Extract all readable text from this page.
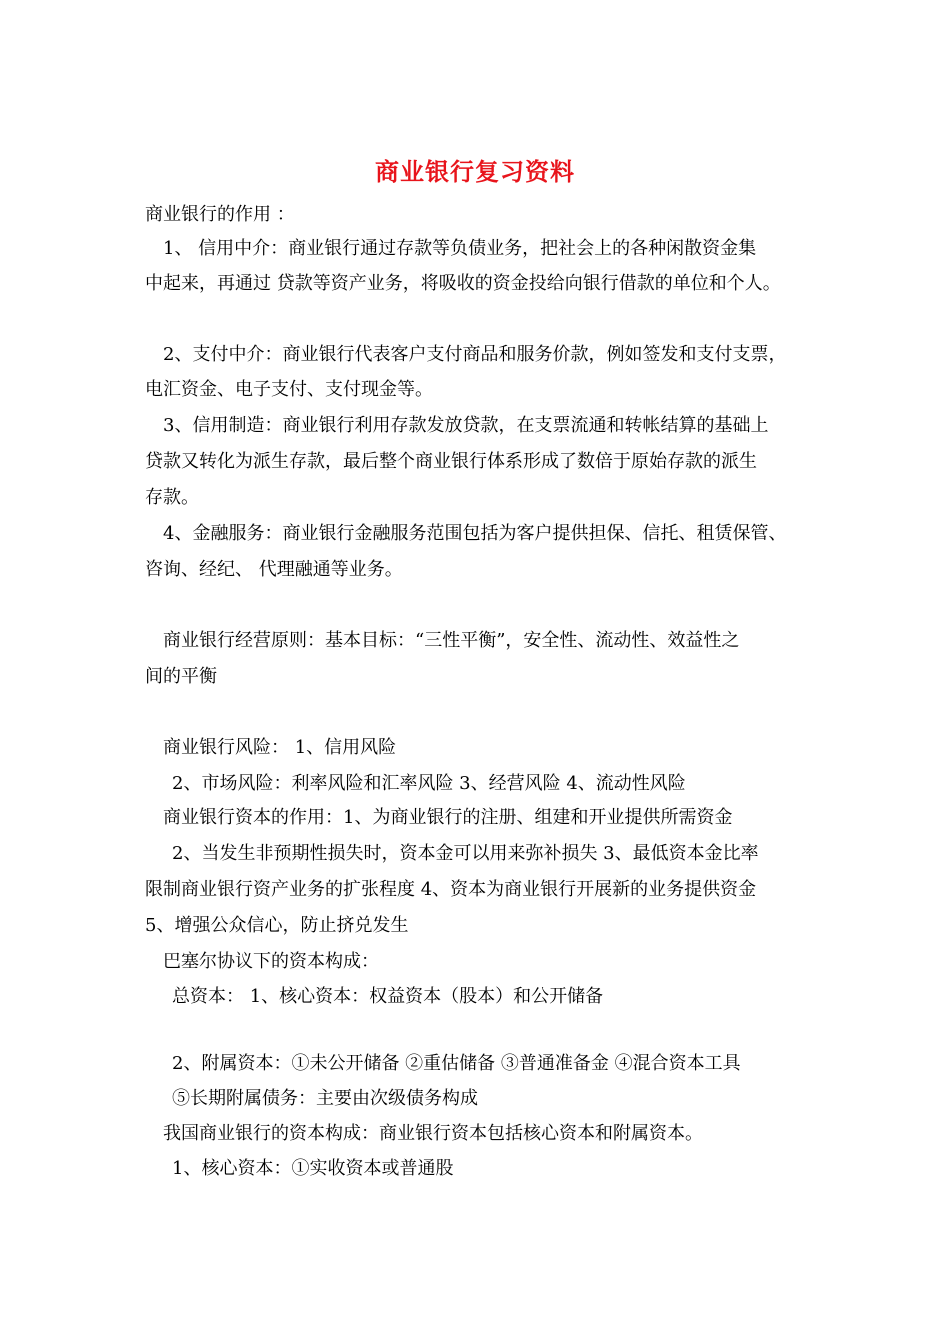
商业银行复习资料
商业银行的作用 ：
1、 信用中介：商业银行通过存款等负债业务，把社会上的各种闲散资金集
中起来，再通过 贷款等资产业务，将吸收的资金投给向银行借款的单位和个人。
2、支付中介：商业银行代表客户支付商品和服务价款，例如签发和支付支票，
电汇资金、电子支付、支付现金等。
3、信用制造：商业银行利用存款发放贷款，在支票流通和转帐结算的基础上
贷款又转化为派生存款，最后整个商业银行体系形成了数倍于原始存款的派生
存款。
4、金融服务：商业银行金融服务范围包括为客户提供担保、信托、租赁保管、
咨询、经纪、 代理融通等业务。
商业银行经营原则：基本目标：“三性平衡”，安全性、流动性、效益性之
间的平衡
商业银行风险： 1、信用风险
2、市场风险：利率风险和汇率风险 3、经营风险 4、流动性风险
商业银行资本的作用：1、为商业银行的注册、组建和开业提供所需资金
2、当发生非预期性损失时，资本金可以用来弥补损失 3、最低资本金比率
限制商业银行资产业务的扩张程度 4、资本为商业银行开展新的业务提供资金
5、增强公众信心，防止挤兑发生
巴塞尔协议下的资本构成：
总资本： 1、核心资本：权益资本（股本）和公开储备
2、附属资本：①未公开储备 ②重估储备 ③普通准备金 ④混合资本工具
⑤长期附属债务：主要由次级债务构成
我国商业银行的资本构成：商业银行资本包括核心资本和附属资本。
1、核心资本：①实收资本或普通股
